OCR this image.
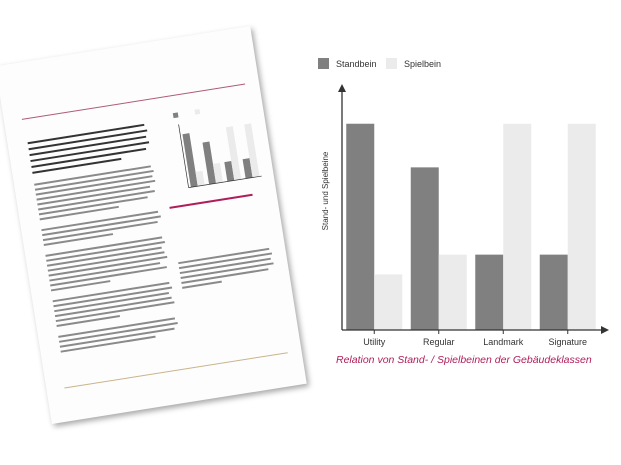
Standbein	Spielbein
Utility	Regular	Landmark	Signature
Stand- und Spielbeine
Relation von Stand- / Spielbeinen der Gebäudeklassen
